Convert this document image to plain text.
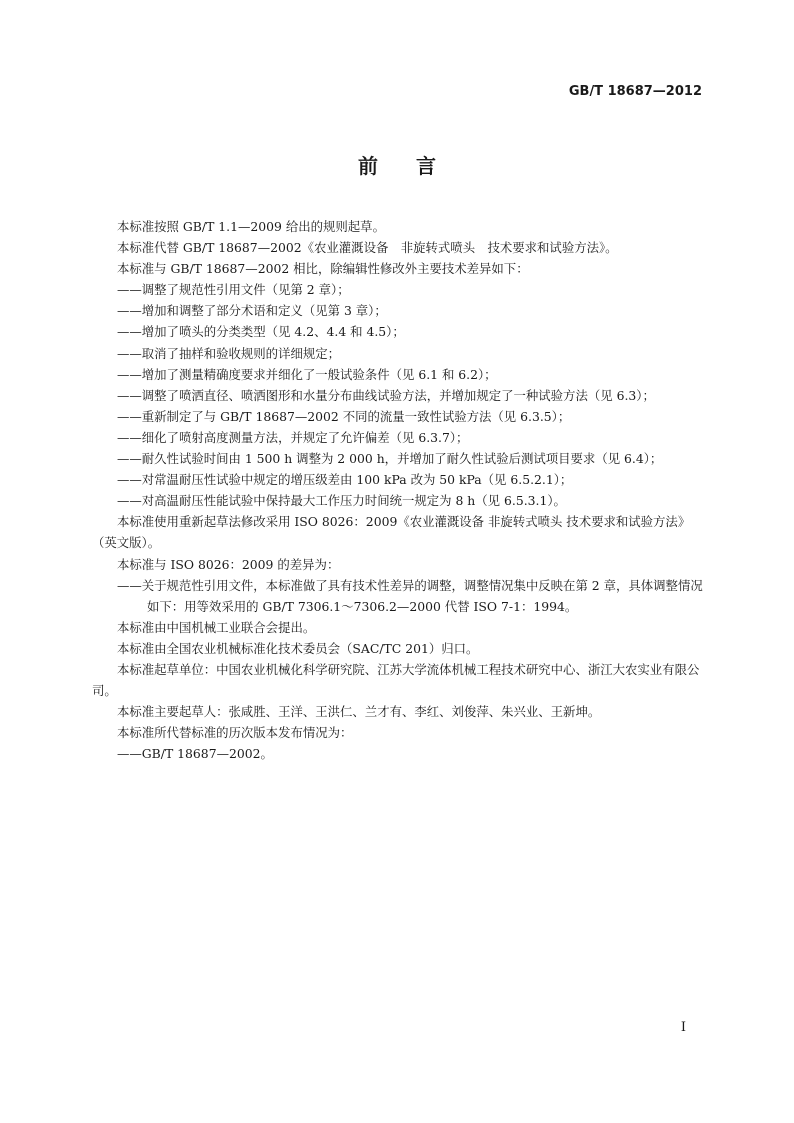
GB/T 18687—2012
前言

本标准按照 GB/T 1.1—2009 给出的规则起草。

本标准代替 GB/T 18687—2002《农业灌溉设备　非旋转式喷头　技术要求和试验方法》。

本标准与 GB/T 18687—2002 相比，除编辑性修改外主要技术差异如下：

——调整了规范性引用文件（见第 2 章）；

——增加和调整了部分术语和定义（见第 3 章）；

——增加了喷头的分类类型（见 4.2、4.4 和 4.5）；

——取消了抽样和验收规则的详细规定；

——增加了测量精确度要求并细化了一般试验条件（见 6.1 和 6.2）；

——调整了喷洒直径、喷洒图形和水量分布曲线试验方法，并增加规定了一种试验方法（见 6.3）；

——重新制定了与 GB/T 18687—2002 不同的流量一致性试验方法（见 6.3.5）；

——细化了喷射高度测量方法，并规定了允许偏差（见 6.3.7）；

——耐久性试验时间由 1 500 h 调整为 2 000 h，并增加了耐久性试验后测试项目要求（见 6.4）；

——对常温耐压性试验中规定的增压级差由 100 kPa 改为 50 kPa（见 6.5.2.1）；

——对高温耐压性能试验中保持最大工作压力时间统一规定为 8 h（见 6.5.3.1）。

本标准使用重新起草法修改采用 ISO 8026：2009《农业灌溉设备 非旋转式喷头 技术要求和试验方法》（英文版）。

本标准与 ISO 8026：2009 的差异为：

——关于规范性引用文件，本标准做了具有技术性差异的调整，调整情况集中反映在第 2 章，具体调整情况如下：用等效采用的 GB/T 7306.1～7306.2—2000 代替 ISO 7-1：1994。

本标准由中国机械工业联合会提出。

本标准由全国农业机械标准化技术委员会（SAC/TC 201）归口。

本标准起草单位：中国农业机械化科学研究院、江苏大学流体机械工程技术研究中心、浙江大农实业有限公司。

本标准主要起草人：张咸胜、王洋、王洪仁、兰才有、李红、刘俊萍、朱兴业、王新坤。

本标准所代替标准的历次版本发布情况为：

——GB/T 18687—2002。

I
